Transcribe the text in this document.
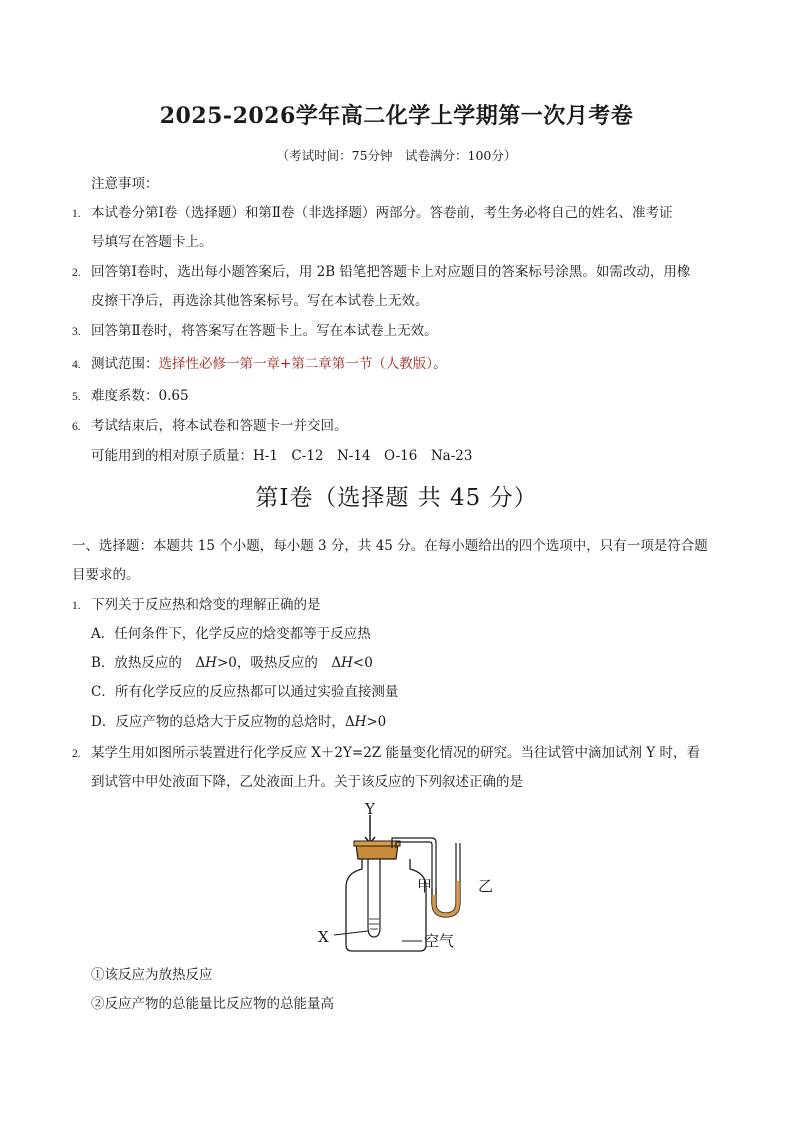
2025-2026学年高二化学上学期第一次月考卷
（考试时间：75分钟　试卷满分：100分）
注意事项：
1. 本试卷分第Ⅰ卷（选择题）和第Ⅱ卷（非选择题）两部分。答卷前，考生务必将自己的姓名、准考证
号填写在答题卡上。
2. 回答第Ⅰ卷时，选出每小题答案后，用 2B 铅笔把答题卡上对应题目的答案标号涂黑。如需改动，用橡
皮擦干净后，再选涂其他答案标号。写在本试卷上无效。
3. 回答第Ⅱ卷时，将答案写在答题卡上。写在本试卷上无效。
4. 测试范围：选择性必修一第一章+第二章第一节（人教版）。
5. 难度系数：0.65
6. 考试结束后，将本试卷和答题卡一并交回。
可能用到的相对原子质量：H-1　C-12　N-14　O-16　Na-23
第Ⅰ卷（选择题 共 45 分）
一、选择题：本题共 15 个小题，每小题 3 分，共 45 分。在每小题给出的四个选项中，只有一项是符合题
目要求的。
1. 下列关于反应热和焓变的理解正确的是
A．任何条件下，化学反应的焓变都等于反应热
B．放热反应的　ΔH>0，吸热反应的　ΔH<0
C．所有化学反应的反应热都可以通过实验直接测量
D．反应产物的总焓大于反应物的总焓时，ΔH>0
2. 某学生用如图所示装置进行化学反应 X＋2Y=2Z 能量变化情况的研究。当往试管中滴加试剂 Y 时，看
到试管中甲处液面下降，乙处液面上升。关于该反应的下列叙述正确的是
Y
X
甲	乙
空气
①该反应为放热反应
②反应产物的总能量比反应物的总能量高
